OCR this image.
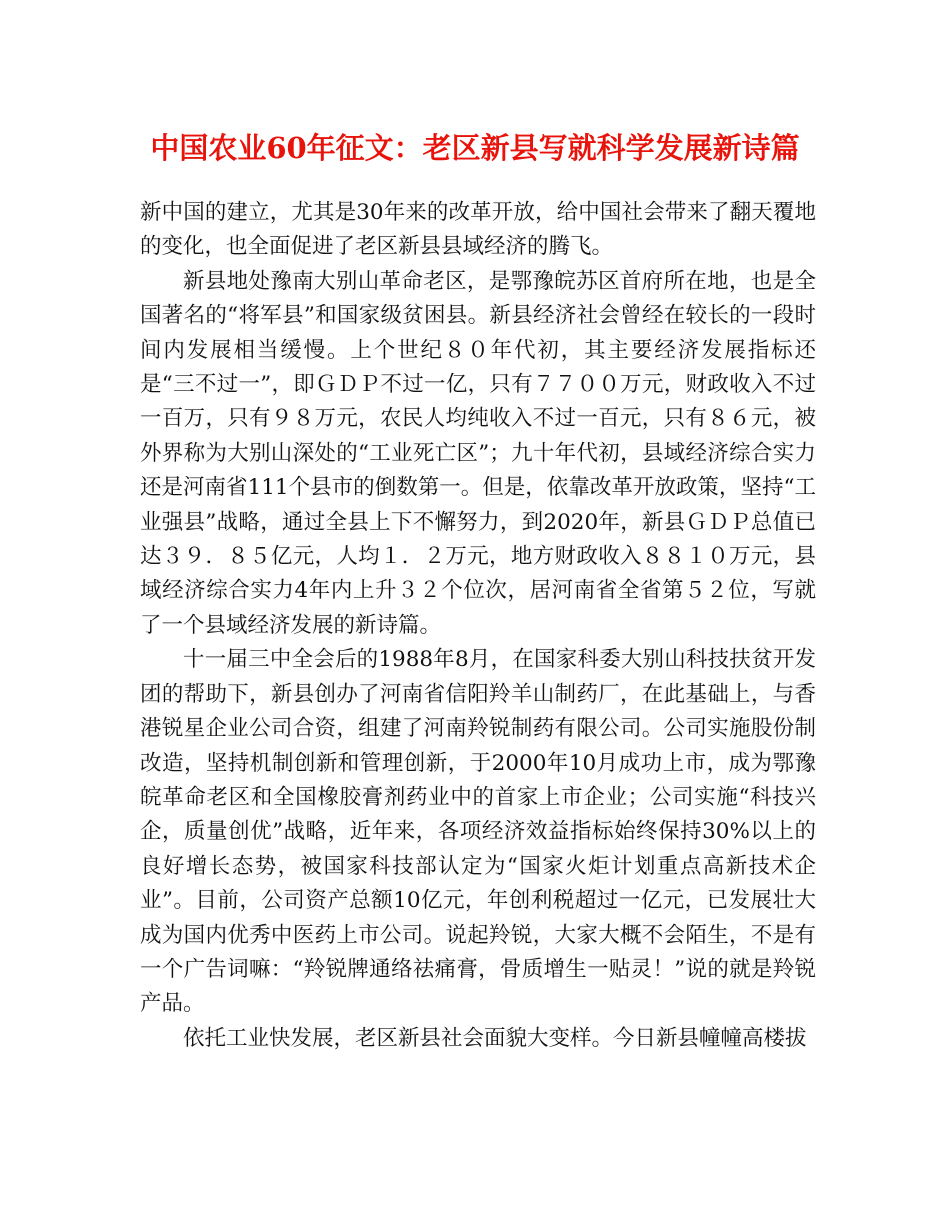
中国农业60年征文：老区新县写就科学发展新诗篇

新中国的建立，尤其是30年来的改革开放，给中国社会带来了翻天覆地的变化，也全面促进了老区新县县域经济的腾飞。

新县地处豫南大别山革命老区，是鄂豫皖苏区首府所在地，也是全国著名的“将军县”和国家级贫困县。新县经济社会曾经在较长的一段时间内发展相当缓慢。上个世纪８０年代初，其主要经济发展指标还是“三不过一”，即ＧＤＰ不过一亿，只有７７００万元，财政收入不过一百万，只有９８万元，农民人均纯收入不过一百元，只有８６元，被外界称为大别山深处的“工业死亡区”；九十年代初，县域经济综合实力还是河南省111个县市的倒数第一。但是，依靠改革开放政策，坚持“工业强县”战略，通过全县上下不懈努力，到2020年，新县ＧＤＰ总值已达３９．８５亿元，人均１．２万元，地方财政收入８８１０万元，县域经济综合实力4年内上升３２个位次，居河南省全省第５２位，写就了一个县域经济发展的新诗篇。

十一届三中全会后的1988年8月，在国家科委大别山科技扶贫开发团的帮助下，新县创办了河南省信阳羚羊山制药厂，在此基础上，与香港锐星企业公司合资，组建了河南羚锐制药有限公司。公司实施股份制改造，坚持机制创新和管理创新，于2000年10月成功上市，成为鄂豫皖革命老区和全国橡胶膏剂药业中的首家上市企业；公司实施“科技兴企，质量创优”战略，近年来，各项经济效益指标始终保持30%以上的良好增长态势，被国家科技部认定为“国家火炬计划重点高新技术企业”。目前，公司资产总额10亿元，年创利税超过一亿元，已发展壮大成为国内优秀中医药上市公司。说起羚锐，大家大概不会陌生，不是有一个广告词嘛：“羚锐牌通络祛痛膏，骨质增生一贴灵！”说的就是羚锐产品。

依托工业快发展，老区新县社会面貌大变样。今日新县幢幢高楼拔
